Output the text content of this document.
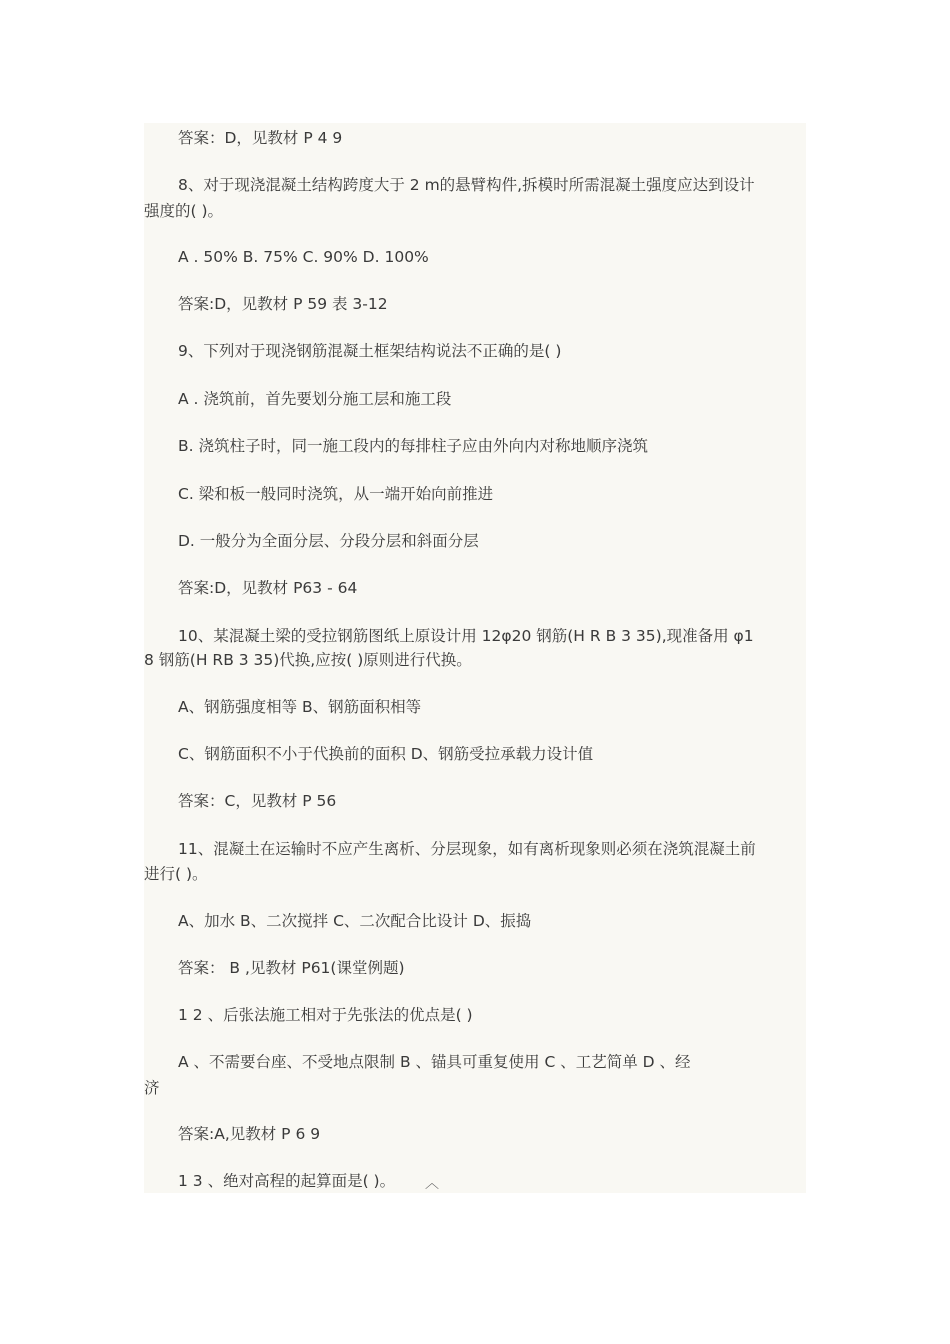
答案：D，见教材 P 4 9
8、对于现浇混凝土结构跨度大于 2 m的悬臂构件,拆模时所需混凝土强度应达到设计
强度的( )。
A . 50% B. 75% C. 90% D. 100%
答案:D，见教材 P 59 表 3-12
9、下列对于现浇钢筋混凝土框架结构说法不正确的是( )
A . 浇筑前，首先要划分施工层和施工段
B. 浇筑柱子时，同一施工段内的每排柱子应由外向内对称地顺序浇筑
C. 梁和板一般同时浇筑，从一端开始向前推进
D. 一般分为全面分层、分段分层和斜面分层
答案:D，见教材 P63 - 64
10、某混凝土梁的受拉钢筋图纸上原设计用 12φ20 钢筋(H R B 3 35),现准备用 φ1
8 钢筋(H RB 3 35)代换,应按( )原则进行代换。
A、钢筋强度相等 B、钢筋面积相等
C、钢筋面积不小于代换前的面积 D、钢筋受拉承载力设计值
答案：C，见教材 P 56
11、混凝土在运输时不应产生离析、分层现象，如有离析现象则必须在浇筑混凝土前
进行( )。
A、加水 B、二次搅拌 C、二次配合比设计 D、振捣
答案： B ,见教材 P61(课堂例题)
1 2 、后张法施工相对于先张法的优点是( )
A 、不需要台座、不受地点限制 B 、锚具可重复使用 C 、工艺简单 D 、经
济
答案:A,见教材 P 6 9
1 3 、绝对高程的起算面是( )。	︿
